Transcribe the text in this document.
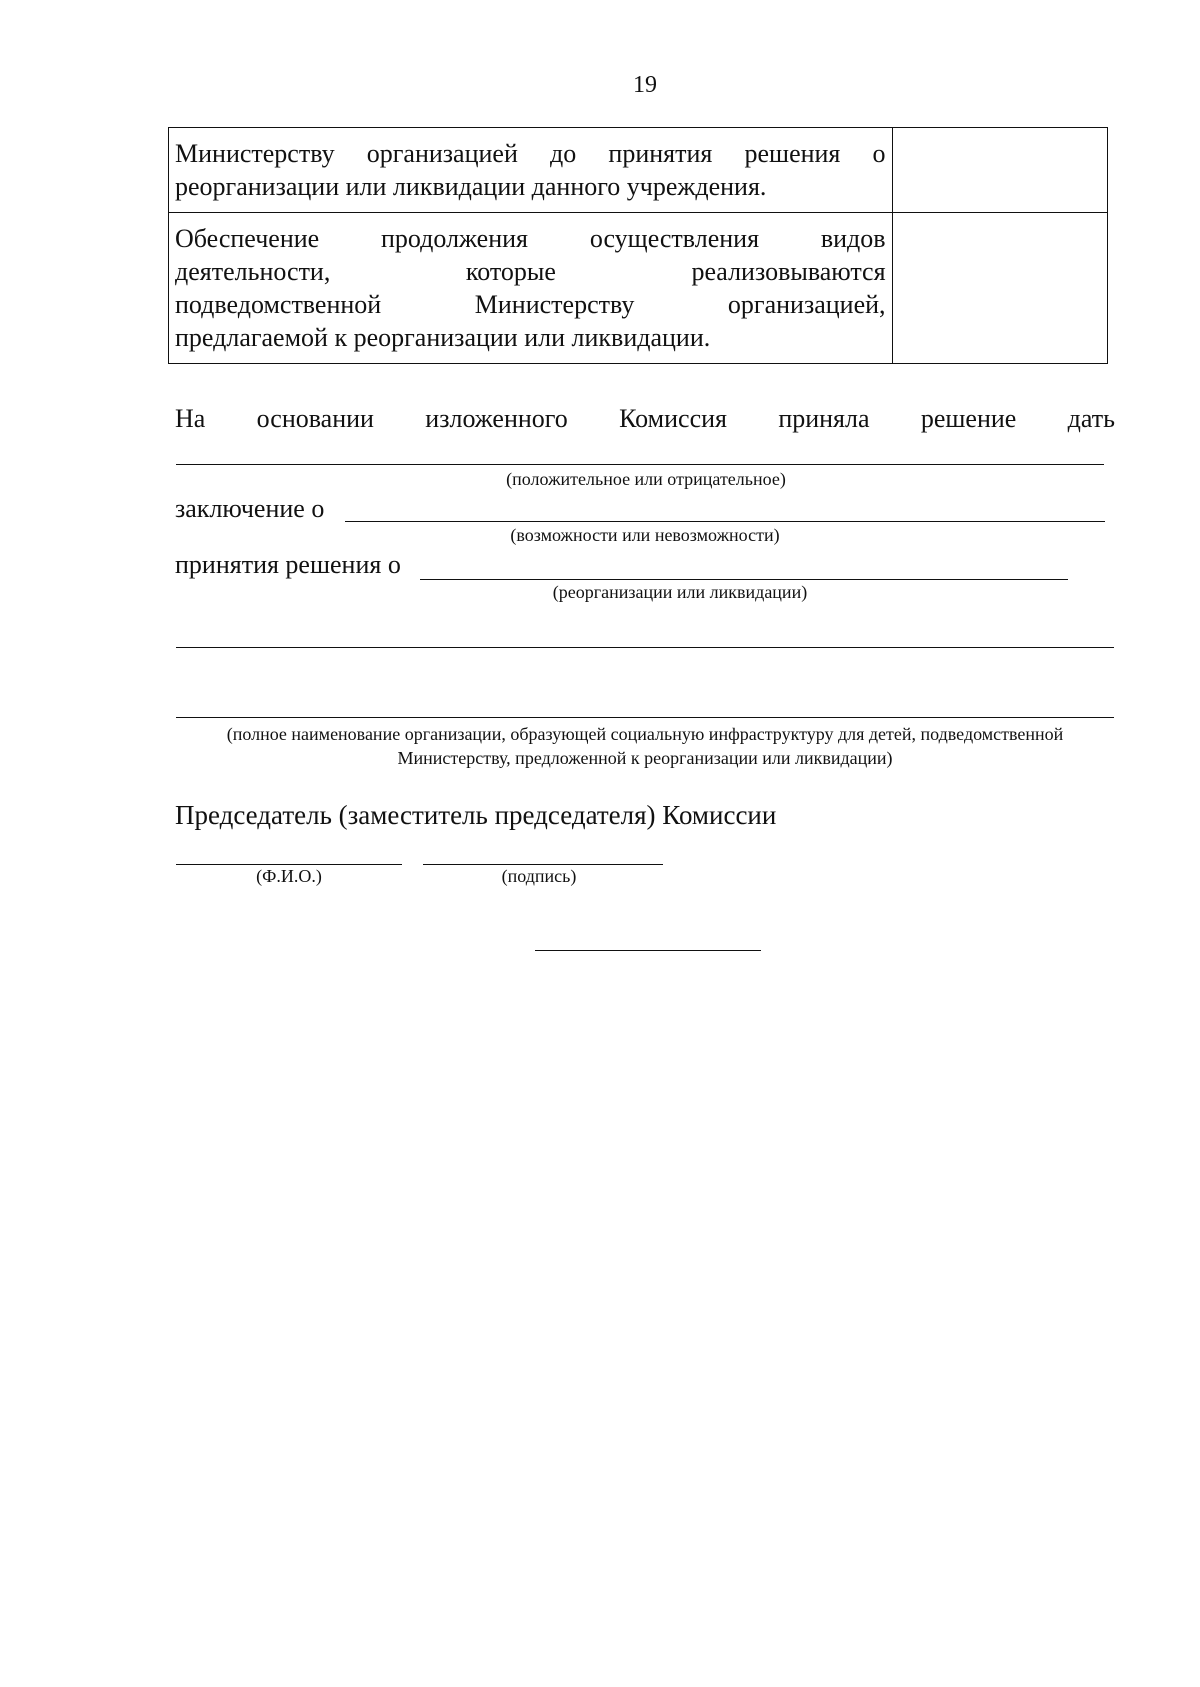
19
Министерству организацией до принятия решения о
реорганизации или ликвидации данного учреждения.	

Обеспечение продолжения осуществления видов
деятельности, которые реализовываются
подведомственной Министерству организацией,
предлагаемой к реорганизации или ликвидации.	

На основании изложенного Комиссия приняла решение дать
(положительное или отрицательное)
заключение о
(возможности или невозможности)
принятия решения о
(реорганизации или ликвидации)
(полное наименование организации, образующей социальную инфраструктуру для детей, подведомственной
Министерству, предложенной к реорганизации или ликвидации)
Председатель (заместитель председателя) Комиссии
(Ф.И.О.)	(подпись)
